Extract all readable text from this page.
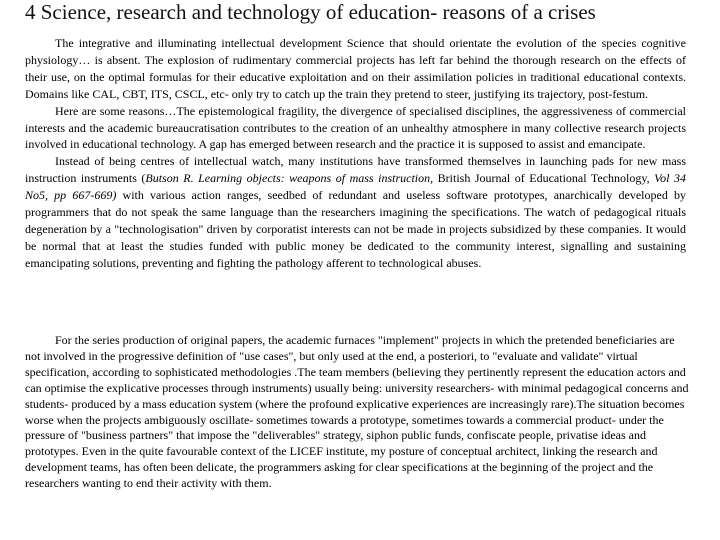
4 Science, research and technology of education- reasons of a crises

The integrative and illuminating intellectual development Science that should orientate the evolution of the species cognitive physiology… is absent. The explosion of rudimentary commercial projects has left far behind the thorough research on the effects of their use, on the optimal formulas for their educative exploitation and on their assimilation policies in traditional educational contexts. Domains like CAL, CBT, ITS, CSCL, etc- only try to catch up the train they pretend to steer, justifying its trajectory, post-festum.

Here are some reasons…The epistemological fragility, the divergence of specialised disciplines, the aggressiveness of commercial interests and the academic bureaucratisation contributes to the creation of an unhealthy atmosphere in many collective research projects involved in educational technology. A gap has emerged between research and the practice it is supposed to assist and emancipate.

Instead of being centres of intellectual watch, many institutions have transformed themselves in launching pads for new mass instruction instruments (Butson R. Learning objects: weapons of mass instruction, British Journal of Educational Technology, Vol 34 No5, pp 667-669) with various action ranges, seedbed of redundant and useless software prototypes, anarchically developed by programmers that do not speak the same language than the researchers imagining the specifications. The watch of pedagogical rituals degeneration by a "technologisation" driven by corporatist interests can not be made in projects subsidized by these companies. It would be normal that at least the studies funded with public money be dedicated to the community interest, signalling and sustaining emancipating solutions, preventing and fighting the pathology afferent to technological abuses.

For the series production of original papers, the academic furnaces "implement" projects in which the pretended beneficiaries are not involved in the progressive definition of "use cases", but only used at the end, a posteriori, to "evaluate and validate" virtual specification, according to sophisticated methodologies .The team members (believing they pertinently represent the education actors and can optimise the explicative processes through instruments) usually being: university researchers- with minimal pedagogical concerns and students- produced by a mass education system (where the profound explicative experiences are increasingly rare).The situation becomes worse when the projects ambiguously oscillate- sometimes towards a prototype, sometimes towards a commercial product- under the pressure of "business partners" that impose the "deliverables" strategy, siphon public funds, confiscate people, privatise ideas and prototypes. Even in the quite favourable context of the LICEF institute, my posture of conceptual architect, linking the research and development teams, has often been delicate, the programmers asking for clear specifications at the beginning of the project and the researchers wanting to end their activity with them.
